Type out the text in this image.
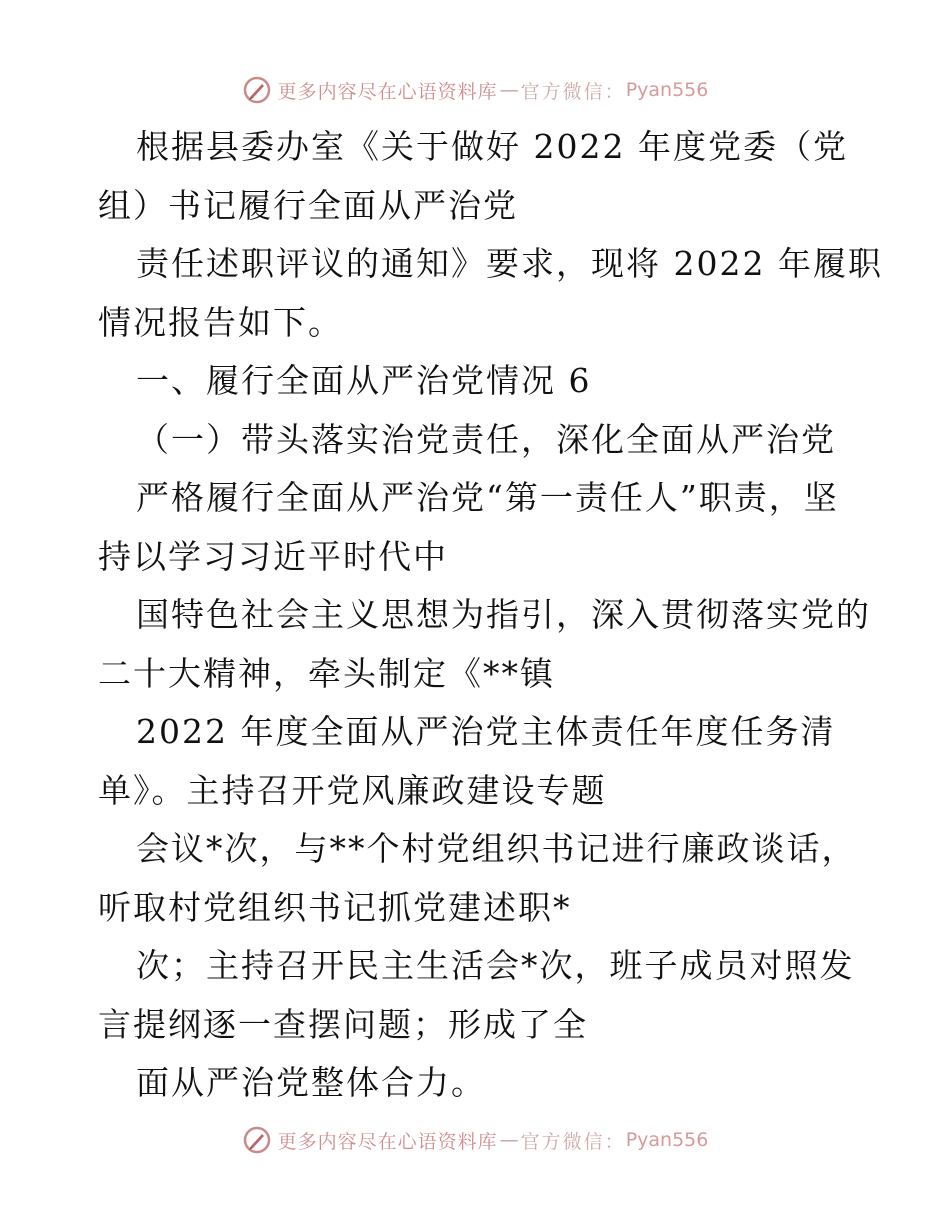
更多内容尽在心语资料库 — 官方微信： Pyan556
根据县委办室《关于做好 2022 年度党委（党
组）书记履行全面从严治党
责任述职评议的通知》要求，现将 2022 年履职
情况报告如下。
一、履行全面从严治党情况 6
（一）带头落实治党责任，深化全面从严治党
严格履行全面从严治党“第一责任人”职责，坚
持以学习习近平时代中
国特色社会主义思想为指引，深入贯彻落实党的
二十大精神，牵头制定《**镇
2022 年度全面从严治党主体责任年度任务清
单》。主持召开党风廉政建设专题
会议*次，与**个村党组织书记进行廉政谈话，
听取村党组织书记抓党建述职*
次；主持召开民主生活会*次，班子成员对照发
言提纲逐一查摆问题；形成了全
面从严治党整体合力。
更多内容尽在心语资料库 — 官方微信： Pyan556
